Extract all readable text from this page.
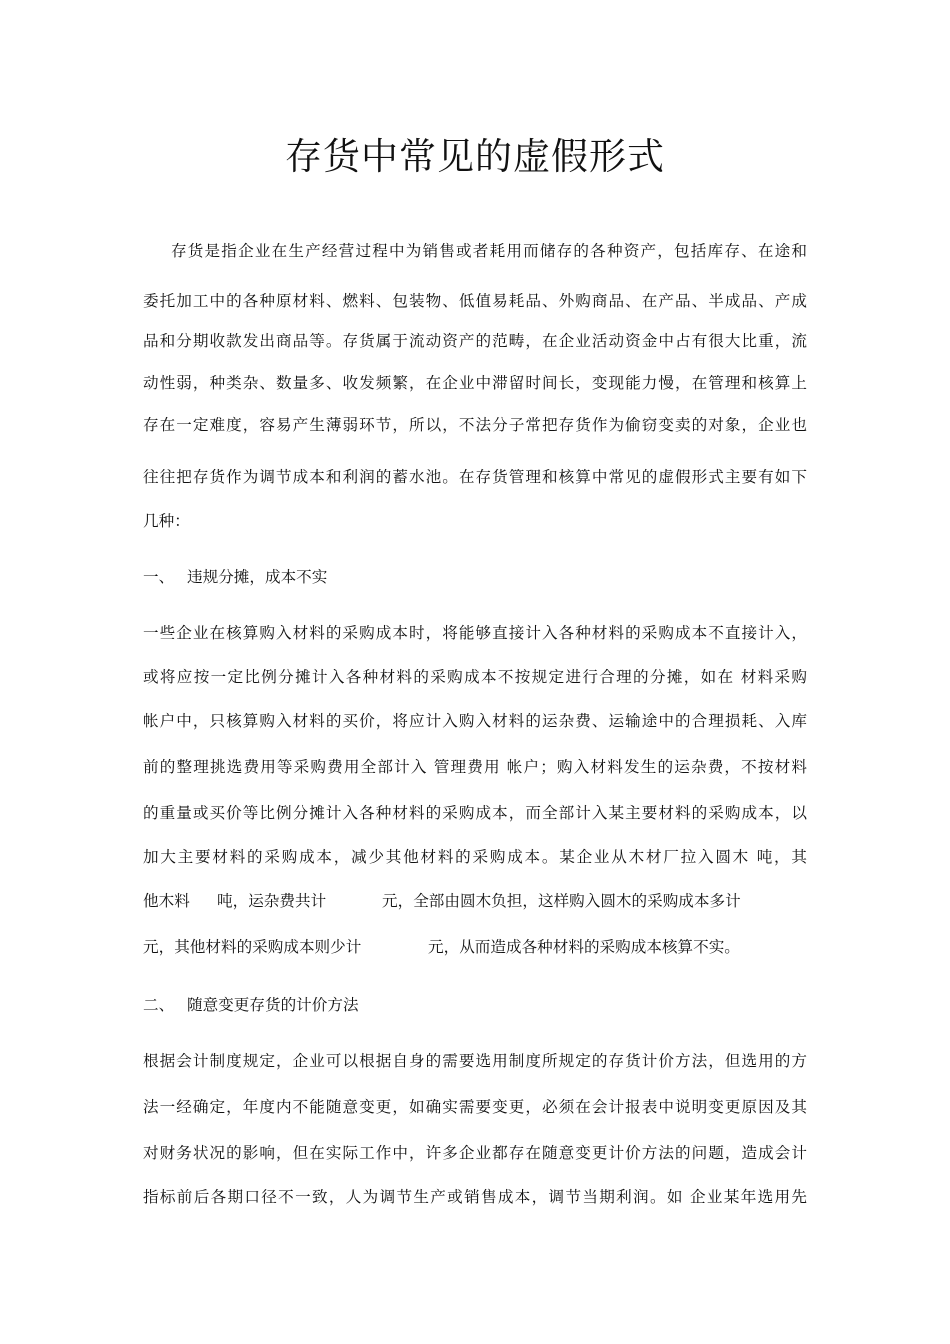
存货中常见的虚假形式
存货是指企业在生产经营过程中为销售或者耗用而储存的各种资产，包括库存、在途和
委托加工中的各种原材料、燃料、包装物、低值易耗品、外购商品、在产品、半成品、产成
品和分期收款发出商品等。存货属于流动资产的范畴，在企业活动资金中占有很大比重，流
动性弱，种类杂、数量多、收发频繁，在企业中滞留时间长，变现能力慢，在管理和核算上
存在一定难度，容易产生薄弱环节，所以，不法分子常把存货作为偷窃变卖的对象，企业也
往往把存货作为调节成本和利润的蓄水池。在存货管理和核算中常见的虚假形式主要有如下
几种：
一、 违规分摊，成本不实
一些企业在核算购入材料的采购成本时，将能够直接计入各种材料的采购成本不直接计入，
或将应按一定比例分摊计入各种材料的采购成本不按规定进行合理的分摊，如在 材料采购
帐户中，只核算购入材料的买价，将应计入购入材料的运杂费、运输途中的合理损耗、入库
前的整理挑选费用等采购费用全部计入 管理费用 帐户；购入材料发生的运杂费，不按材料
的重量或买价等比例分摊计入各种材料的采购成本，而全部计入某主要材料的采购成本，以
加大主要材料的采购成本，减少其他材料的采购成本。某企业从木材厂拉入圆木 吨，其
他木料 吨，运杂费共计	元，全部由圆木负担，这样购入圆木的采购成本多计
元，其他材料的采购成本则少计	元，从而造成各种材料的采购成本核算不实。
二、 随意变更存货的计价方法
根据会计制度规定，企业可以根据自身的需要选用制度所规定的存货计价方法，但选用的方
法一经确定，年度内不能随意变更，如确实需要变更，必须在会计报表中说明变更原因及其
对财务状况的影响，但在实际工作中，许多企业都存在随意变更计价方法的问题，造成会计
指标前后各期口径不一致，人为调节生产或销售成本，调节当期利润。如 企业某年选用先
